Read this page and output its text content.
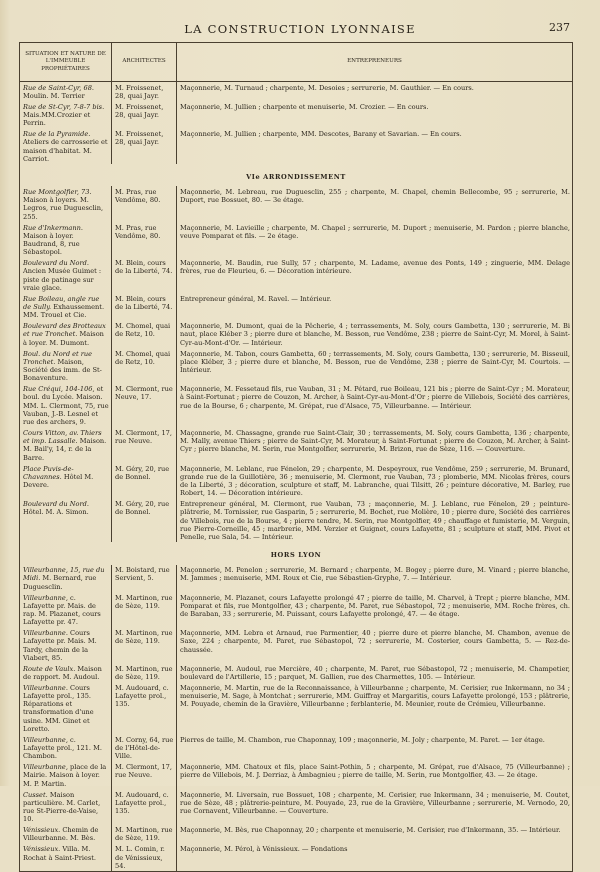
LA CONSTRUCTION LYONNAISE	237
SITUATION ET NATURE DE L'IMMEUBLE PROPRIÉTAIRES	ARCHITECTES	ENTREPRENEURS
Rue de Saint-Cyr, 68. Moulin. M. Terrier	M. Froissenet, 28, quai Jayr.	Maçonnerie, M. Turnaud ; charpente, M. Desoies ; serrurerie, M. Gauthier. — En cours.
Rue de St-Cyr, 7-8-7 bis. Mais.MM.Crozier et Perrin.	M. Froissenet, 28, quai Jayr.	Maçonnerie, M. Jullien ; charpente et menuiserie, M. Crozier. — En cours.
Rue de la Pyramide. Ateliers de carrosserie et maison d'habitat. M. Carriot.	M. Froissenet, 28, quai Jayr.	Maçonnerie, M. Jullien ; charpente, MM. Descotes, Barany et Savarian. — En cours.
VIe ARRONDISSEMENT		
Rue Montgolfier, 73. Maison à loyers. M. Legros, rue Duguesclin, 255.	M. Pras, rue Vendôme, 80.	Maçonnerie, M. Lebreau, rue Duguesclin, 255 ; charpente, M. Chapel, chemin Bellecombe, 95 ; serrurerie, M. Duport, rue Bossuet, 80. — 3e étage.
Rue d'Inkermann. Maison à loyer. Baudrand, 8, rue Sébastopol.	M. Pras, rue Vendôme, 80.	Maçonnerie, M. Lavieille ; charpente, M. Chapel ; serrurerie, M. Duport ; menuiserie, M. Pardon ; pierre blanche, veuve Pomparat et fils. — 2e étage.
Boulevard du Nord. Ancien Musée Guimet : piste de patinage sur vraie glace.	M. Blein, cours de la Liberté, 74.	Maçonnerie, M. Baudin, rue Sully, 57 ; charpente, M. Ladame, avenue des Ponts, 149 ; zinguerie, MM. Delage frères, rue de Fleurieu, 6. — Décoration intérieure.
Rue Boileau, angle rue de Sully. Exhaussement. MM. Trouel et Cie.	M. Blein, cours de la Liberté, 74.	Entrepreneur général, M. Ravel. — Intérieur.
Boulevard des Brotteaux et rue Tronchet. Maison à loyer. M. Dumont.	M. Chomel, quai de Retz, 10.	Maçonnerie, M. Dumont, quai de la Pêcherie, 4 ; terrassements, M. Soly, cours Gambetta, 130 ; serrurerie, M. Bi naut, place Kléber 3 ; pierre dure et blanche, M. Besson, rue Vendôme, 238 ; pierre de Saint-Cyr, M. Morel, à Saint-Cyr-au-Mont-d'Or. — Intérieur.
Boul. du Nord et rue Tronchet. Maison, Société des imm. de St-Bonaventure.	M. Chomel, quai de Retz, 10.	Maçonnerie, M. Tabon, cours Gambetta, 60 ; terrassements, M. Soly, cours Gambetta, 130 ; serrurerie, M. Bisseuil, place Kléber, 3 ; pierre dure et blanche, M. Besson, rue de Vendôme, 238 ; pierre de Saint-Cyr, M. Courtois. — Intérieur.
Rue Créqui, 104-106, et boul. du Lycée. Maison. MM. L. Clermont, 75, rue Vauban, J.-B. Lesnel et rue des archers, 9.	M. Clermont, rue Neuve, 17.	Maçonnerie, M. Fessetaud fils, rue Vauban, 31 ; M. Pétard, rue Boileau, 121 bis ; pierre de Saint-Cyr ; M. Morateur, à Saint-Fortunat ; pierre de Couzon, M. Archer, à Saint-Cyr-au-Mont-d'Or ; pierre de Villebois, Société des carrières, rue de la Bourse, 6 ; charpente, M. Grépat, rue d'Alsace, 75, Villeurbanne. — Intérieur.
Cours Vitton, av. Thiers et imp. Lassalle. Maison. M. Bail'y, 14, r. de la Barre.	M. Clermont, 17, rue Neuve.	Maçonnerie, M. Chassagne, grande rue Saint-Clair, 30 ; terrassements, M. Soly, cours Gambetta, 136 ; charpente, M. Mally, avenue Thiers ; pierre de Saint-Cyr, M. Morateur, à Saint-Fortunat ; pierre de Couzon, M. Archer, à Saint-Cyr ; pierre blanche, M. Serin, rue Montgolfier, serrurerie, M. Brizon, rue de Sèze, 116. — Couverture.
Place Puvis-de-Chavannes. Hôtel M. Devere.	M. Géry, 20, rue de Bonnel.	Maçonnerie, M. Leblanc, rue Fénelon, 29 ; charpente, M. Despeyroux, rue Vendôme, 259 ; serrurerie, M. Brunard, grande rue de la Guillotière, 36 ; menuiserie, M. Clermont, rue Vauban, 73 ; plomberie, MM. Nicolas frères, cours de la Liberté, 3 ; décoration, sculpture et staff, M. Labranche, quai Tilsitt, 26 ; peinture décorative, M. Barley, rue Robert, 14. — Décoration intérieure.
Boulevard du Nord. Hôtel. M. A. Simon.	M. Géry, 20, rue de Bonnel.	Entrepreneur général, M. Clermont, rue Vauban, 73 ; maçonnerie, M. J. Leblanc, rue Fénelon, 29 ; peinture-plâtrerie, M. Tornissier, rue Gasparin, 5 ; serrurerie, M. Bochet, rue Molière, 10 ; pierre dure, Société des carrières de Villebois, rue de la Bourse, 4 ; pierre tendre, M. Serin, rue Montgolfier, 49 ; chauffage et fumisterie, M. Verguin, rue Pierre-Corneille, 45 ; marbrerie, MM. Verzier et Guignet, cours Lafayette, 81 ; sculpture et staff, MM. Pivot et Penelle, rue Sala, 54. — Intérieur.
HORS LYON		
Villeurbanne, 15, rue du Midi. M. Bernard, rue Duguesclin.	M. Boistard, rue Servient, 5.	Maçonnerie, M. Penelon ; serrurerie, M. Bernard ; charpente, M. Bogey ; pierre dure, M. Vinard ; pierre blanche, M. Jammes ; menuiserie, MM. Roux et Cie, rue Sébastien-Gryphe, 7. — Intérieur.
Villeurbanne, c. Lafayette pr. Mais. de rap. M. Plazanet, cours Lafayette pr. 47.	M. Martinon, rue de Sèze, 119.	Maçonnerie, M. Plazanet, cours Lafayette prolongé 47 ; pierre de taille, M. Charvel, à Trept ; pierre blanche, MM. Pomparat et fils, rue Montgolfier, 43 ; charpente, M. Paret, rue Sébastopol, 72 ; menuiserie, MM. Roche frères, ch. de Baraban, 33 ; serrurerie, M. Puissant, cours Lafayette prolongé, 47. — 4e étage.
Villeurbanne. Cours Lafayette pr. Mais. M. Tardy, chemin de la Viabert, 85.	M. Martinon, rue de Sèze, 119.	Maçonnerie, MM. Lebra et Arnaud, rue Parmentier, 40 ; pierre dure et pierre blanche, M. Chambon, avenue de Saxe, 224 ; charpente, M. Paret, rue Sébastopol, 72 ; serrurerie, M. Costerier, cours Gambetta, 5. — Rez-de-chaussée.
Route de Vaulx. Maison de rapport. M. Audoul.	M. Martinon, rue de Sèze, 119.	Maçonnerie, M. Audoul, rue Mercière, 40 ; charpente, M. Paret, rue Sébastopol, 72 ; menuiserie, M. Champetier, boulevard de l'Artillerie, 15 ; parquet, M. Gallien, rue des Charmettes, 105. — Intérieur.
Villeurbanne. Cours Lafayette prol., 135. Réparations et transformation d'une usine. MM. Ginet et Loretto.	M. Audouard, c. Lafayette prol., 135.	Maçonnerie, M. Martin, rue de la Reconnaissance, à Villeurbanne ; charpente, M. Cerisier, rue Inkermann, no 34 ; menuiserie, M. Sage, à Montchat ; serrurerie, MM. Guiffray et Margaritis, cours Lafayette prolongé, 153 ; plâtrerie, M. Pouyade, chemin de la Gravière, Villeurbanne ; ferblanterie, M. Meunier, route de Crémieu, Villeurbanne.
Villeurbanne, c. Lafayette prol., 121. M. Chambon.	M. Corny, 64, rue de l'Hôtel-de-Ville.	Pierres de taille, M. Chambon, rue Chaponnay, 109 ; maçonnerie, M. Joly ; charpente, M. Paret. — 1er étage.
Villeurbanne, place de la Mairie. Maison à loyer. M. P. Martin.	M. Clermont, 17, rue Neuve.	Maçonnerie, MM. Chatoux et fils, place Saint-Pothin, 5 ; charpente, M. Grépat, rue d'Alsace, 75 (Villeurbanne) ; pierre de Villebois, M. J. Derriaz, à Ambagnieu ; pierre de taille, M. Serin, rue Montgolfier, 43. — 2e étage.
Cusset. Maison particulière. M. Carlet, rue St-Pierre-de-Vaise, 10.	M. Audouard, c. Lafayette prol., 135.	Maçonnerie, M. Liversain, rue Bossuet, 108 ; charpente, M. Cerisier, rue Inkermann, 34 ; menuiserie, M. Coutet, rue de Sèze, 48 ; plâtrerie-peinture, M. Pouyade, 23, rue de la Gravière, Villeurbanne ; serrurerie, M. Vernodo, 20, rue Cornavent, Villeurbanne. — Couverture.
Vénissieux. Chemin de Villeurbanne. M. Bès.	M. Martinon, rue de Sèze, 119.	Maçonnerie, M. Bès, rue Chaponnay, 20 ; charpente et menuiserie, M. Cerisier, rue d'Inkermann, 35. — Intérieur.
Vénissieux. Villa. M. Rochat à Saint-Priest.	M. L. Comin, r. de Vénissieux, 54.	Maçonnerie, M. Pérol, à Vénissieux. — Fondations
